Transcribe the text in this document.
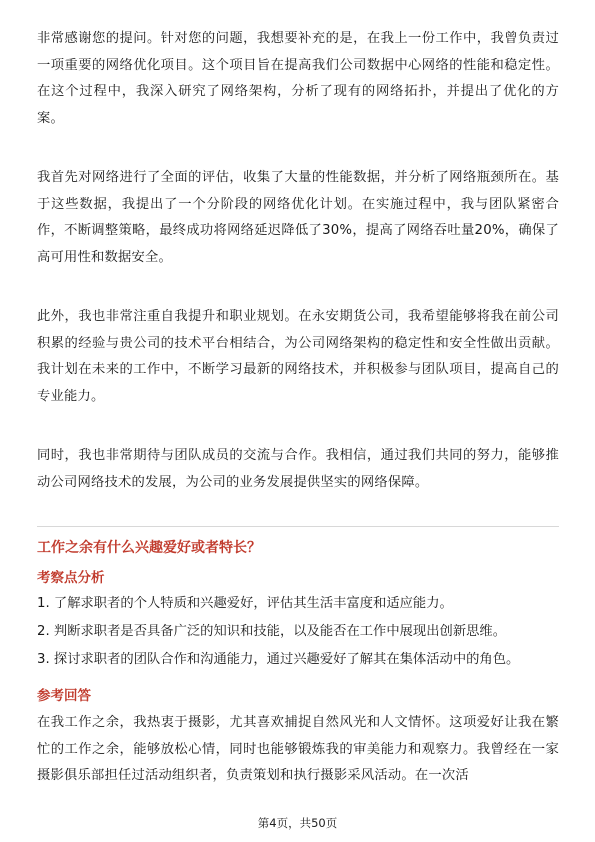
非常感谢您的提问。针对您的问题，我想要补充的是，在我上一份工作中，我曾负责过一项重要的网络优化项目。这个项目旨在提高我们公司数据中心网络的性能和稳定性。在这个过程中，我深入研究了网络架构，分析了现有的网络拓扑，并提出了优化的方案。

我首先对网络进行了全面的评估，收集了大量的性能数据，并分析了网络瓶颈所在。基于这些数据，我提出了一个分阶段的网络优化计划。在实施过程中，我与团队紧密合作，不断调整策略，最终成功将网络延迟降低了30%，提高了网络吞吐量20%，确保了高可用性和数据安全。

此外，我也非常注重自我提升和职业规划。在永安期货公司，我希望能够将我在前公司积累的经验与贵公司的技术平台相结合，为公司网络架构的稳定性和安全性做出贡献。我计划在未来的工作中，不断学习最新的网络技术，并积极参与团队项目，提高自己的专业能力。

同时，我也非常期待与团队成员的交流与合作。我相信，通过我们共同的努力，能够推动公司网络技术的发展，为公司的业务发展提供坚实的网络保障。

工作之余有什么兴趣爱好或者特长？
考察点分析
1. 了解求职者的个人特质和兴趣爱好，评估其生活丰富度和适应能力。
2. 判断求职者是否具备广泛的知识和技能，以及能否在工作中展现出创新思维。
3. 探讨求职者的团队合作和沟通能力，通过兴趣爱好了解其在集体活动中的角色。
参考回答
在我工作之余，我热衷于摄影，尤其喜欢捕捉自然风光和人文情怀。这项爱好让我在繁忙的工作之余，能够放松心情，同时也能够锻炼我的审美能力和观察力。我曾经在一家摄影俱乐部担任过活动组织者，负责策划和执行摄影采风活动。在一次活
第4页，共50页
